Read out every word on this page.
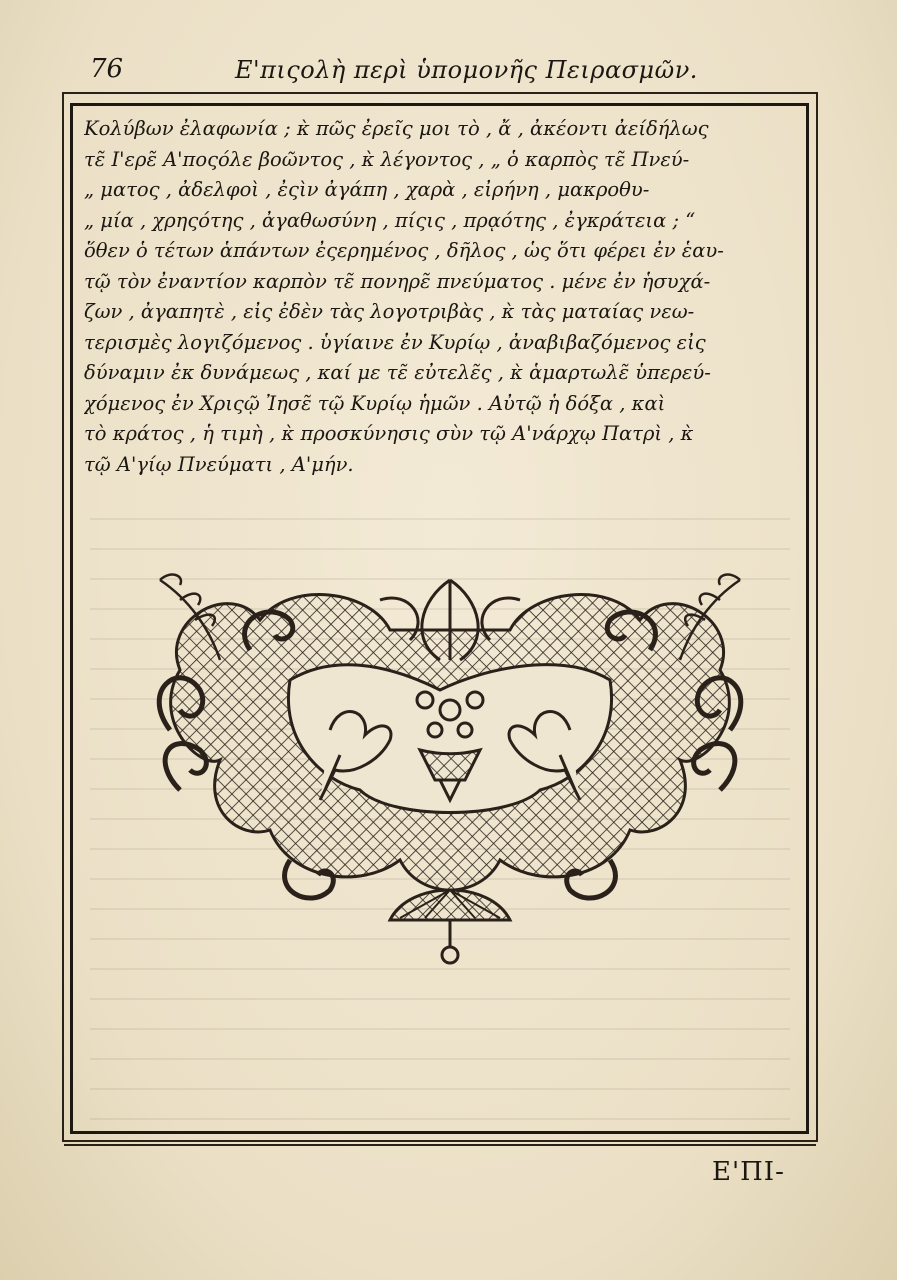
76	Ε'πιςολὴ περὶ ὑπομονῆς Πειρασμῶν.
Κολύβων ἐλαφωνία ; κ̀ πῶς ἐρεῖς μοι τὸ , ἄ , ἀκέοντι ἀείδήλως
τε̃ Ι'ερε̃ Α'ποςόλε βοῶντος , κ̀ λέγοντος , „ ὁ καρπὸς τε̃ Πνεύ-
„ ματος , ἀδελφοὶ , ἐςὶν ἀγάπη , χαρὰ , εἰρήνη , μακροθυ-
„ μία , χρηςότης , ἀγαθωσύνη , πίςις , πρᾳότης , ἐγκράτεια ; “
ὅθεν ὁ τέτων ἁπάντων ἐςερημένος , δῆλος , ὡς ὅτι φέρει ἐν ἑαυ-
τῷ τὸν ἐναντίον καρπὸν τε̃ πονηρε̃ πνεύματος . μένε ἐν ἡσυχά-
ζων , ἀγαπητὲ , εἰς ἐδὲν τὰς λογοτριβὰς , κ̀ τὰς ματαίας νεω-
τερισμὲς λογιζόμενος . ὑγίαινε ἐν Κυρίῳ , ἀναβιβαζόμενος εἰς
δύναμιν ἐκ δυνάμεως , καί με τε̃ εὐτελε̃ς , κ̀ ἁμαρτωλε̃ ὑπερεύ-
χόμενος ἐν Χριςῷ Ἰησε̃ τῷ Κυρίῳ ἡμῶν . Αὐτῷ ἡ δόξα , καὶ
τὸ κράτος , ἡ τιμὴ , κ̀ προσκύνησις σὺν τῷ Α'νάρχῳ Πατρὶ , κ̀
τῷ Α'γίῳ Πνεύματι , Α'μήν.
Ε'ΠΙ-
